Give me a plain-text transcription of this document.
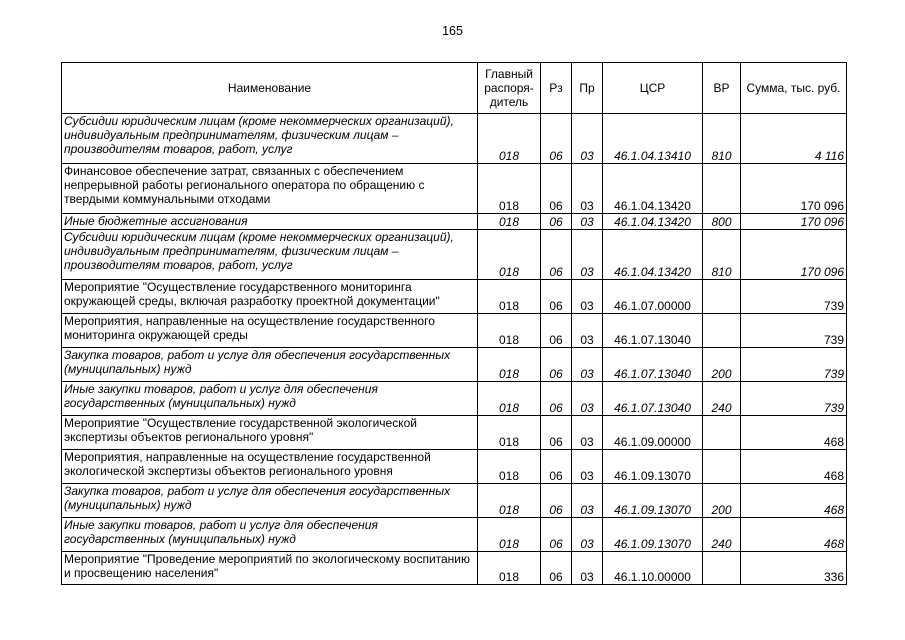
165
Наименование	Главный распоря-дитель	Рз	Пр	ЦСР	ВР	Сумма, тыс. руб.
Субсидии юридическим лицам (кроме некоммерческих организаций), индивидуальным предпринимателям, физическим лицам – производителям товаров, работ, услуг	018	06	03	46.1.04.13410	810	4 116
Финансовое обеспечение затрат, связанных с обеспечением непрерывной работы регионального оператора по обращению с твердыми коммунальными отходами	018	06	03	46.1.04.13420		170 096
Иные бюджетные ассигнования	018	06	03	46.1.04.13420	800	170 096
Субсидии юридическим лицам (кроме некоммерческих организаций), индивидуальным предпринимателям, физическим лицам – производителям товаров, работ, услуг	018	06	03	46.1.04.13420	810	170 096
Мероприятие "Осуществление государственного мониторинга окружающей среды, включая разработку проектной документации"	018	06	03	46.1.07.00000		739
Мероприятия, направленные на осуществление государственного мониторинга окружающей среды	018	06	03	46.1.07.13040		739
Закупка товаров, работ и услуг для обеспечения государственных (муниципальных) нужд	018	06	03	46.1.07.13040	200	739
Иные закупки товаров, работ и услуг для обеспечения государственных (муниципальных) нужд	018	06	03	46.1.07.13040	240	739
Мероприятие "Осуществление государственной экологической экспертизы объектов регионального уровня"	018	06	03	46.1.09.00000		468
Мероприятия, направленные на осуществление государственной экологической экспертизы объектов регионального уровня	018	06	03	46.1.09.13070		468
Закупка товаров, работ и услуг для обеспечения государственных (муниципальных) нужд	018	06	03	46.1.09.13070	200	468
Иные закупки товаров, работ и услуг для обеспечения государственных (муниципальных) нужд	018	06	03	46.1.09.13070	240	468
Мероприятие "Проведение мероприятий по экологическому воспитанию и просвещению населения"	018	06	03	46.1.10.00000		336
